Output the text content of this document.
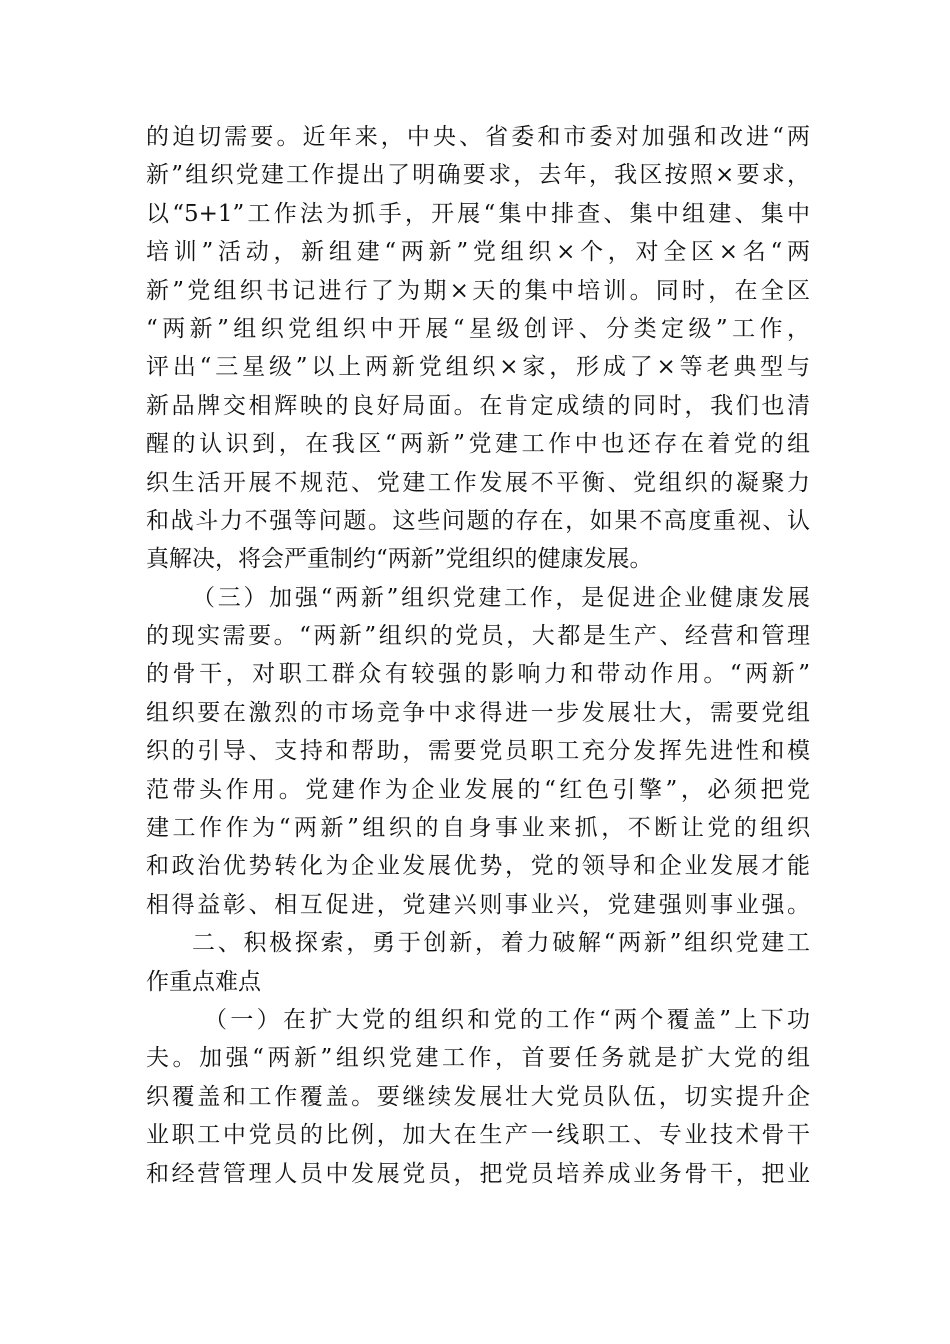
的迫切需要。近年来，中央、省委和市委对加强和改进“两
新”组织党建工作提出了明确要求，去年，我区按照×要求，
以“5+1”工作法为抓手，开展“集中排查、集中组建、集中
培训”活动，新组建“两新”党组织×个，对全区×名“两
新”党组织书记进行了为期×天的集中培训。同时，在全区
“两新”组织党组织中开展“星级创评、分类定级”工作，
评出“三星级”以上两新党组织×家，形成了×等老典型与
新品牌交相辉映的良好局面。在肯定成绩的同时，我们也清
醒的认识到，在我区“两新”党建工作中也还存在着党的组
织生活开展不规范、党建工作发展不平衡、党组织的凝聚力
和战斗力不强等问题。这些问题的存在，如果不高度重视、认
真解决，将会严重制约“两新”党组织的健康发展。
（三）加强“两新”组织党建工作，是促进企业健康发展
的现实需要。“两新”组织的党员，大都是生产、经营和管理
的骨干，对职工群众有较强的影响力和带动作用。“两新”
组织要在激烈的市场竞争中求得进一步发展壮大，需要党组
织的引导、支持和帮助，需要党员职工充分发挥先进性和模
范带头作用。党建作为企业发展的“红色引擎”，必须把党
建工作作为“两新”组织的自身事业来抓，不断让党的组织
和政治优势转化为企业发展优势，党的领导和企业发展才能
相得益彰、相互促进，党建兴则事业兴，党建强则事业强。
二、积极探索，勇于创新，着力破解“两新”组织党建工
作重点难点
（一）在扩大党的组织和党的工作“两个覆盖”上下功
夫。加强“两新”组织党建工作，首要任务就是扩大党的组
织覆盖和工作覆盖。要继续发展壮大党员队伍，切实提升企
业职工中党员的比例，加大在生产一线职工、专业技术骨干
和经营管理人员中发展党员，把党员培养成业务骨干，把业
